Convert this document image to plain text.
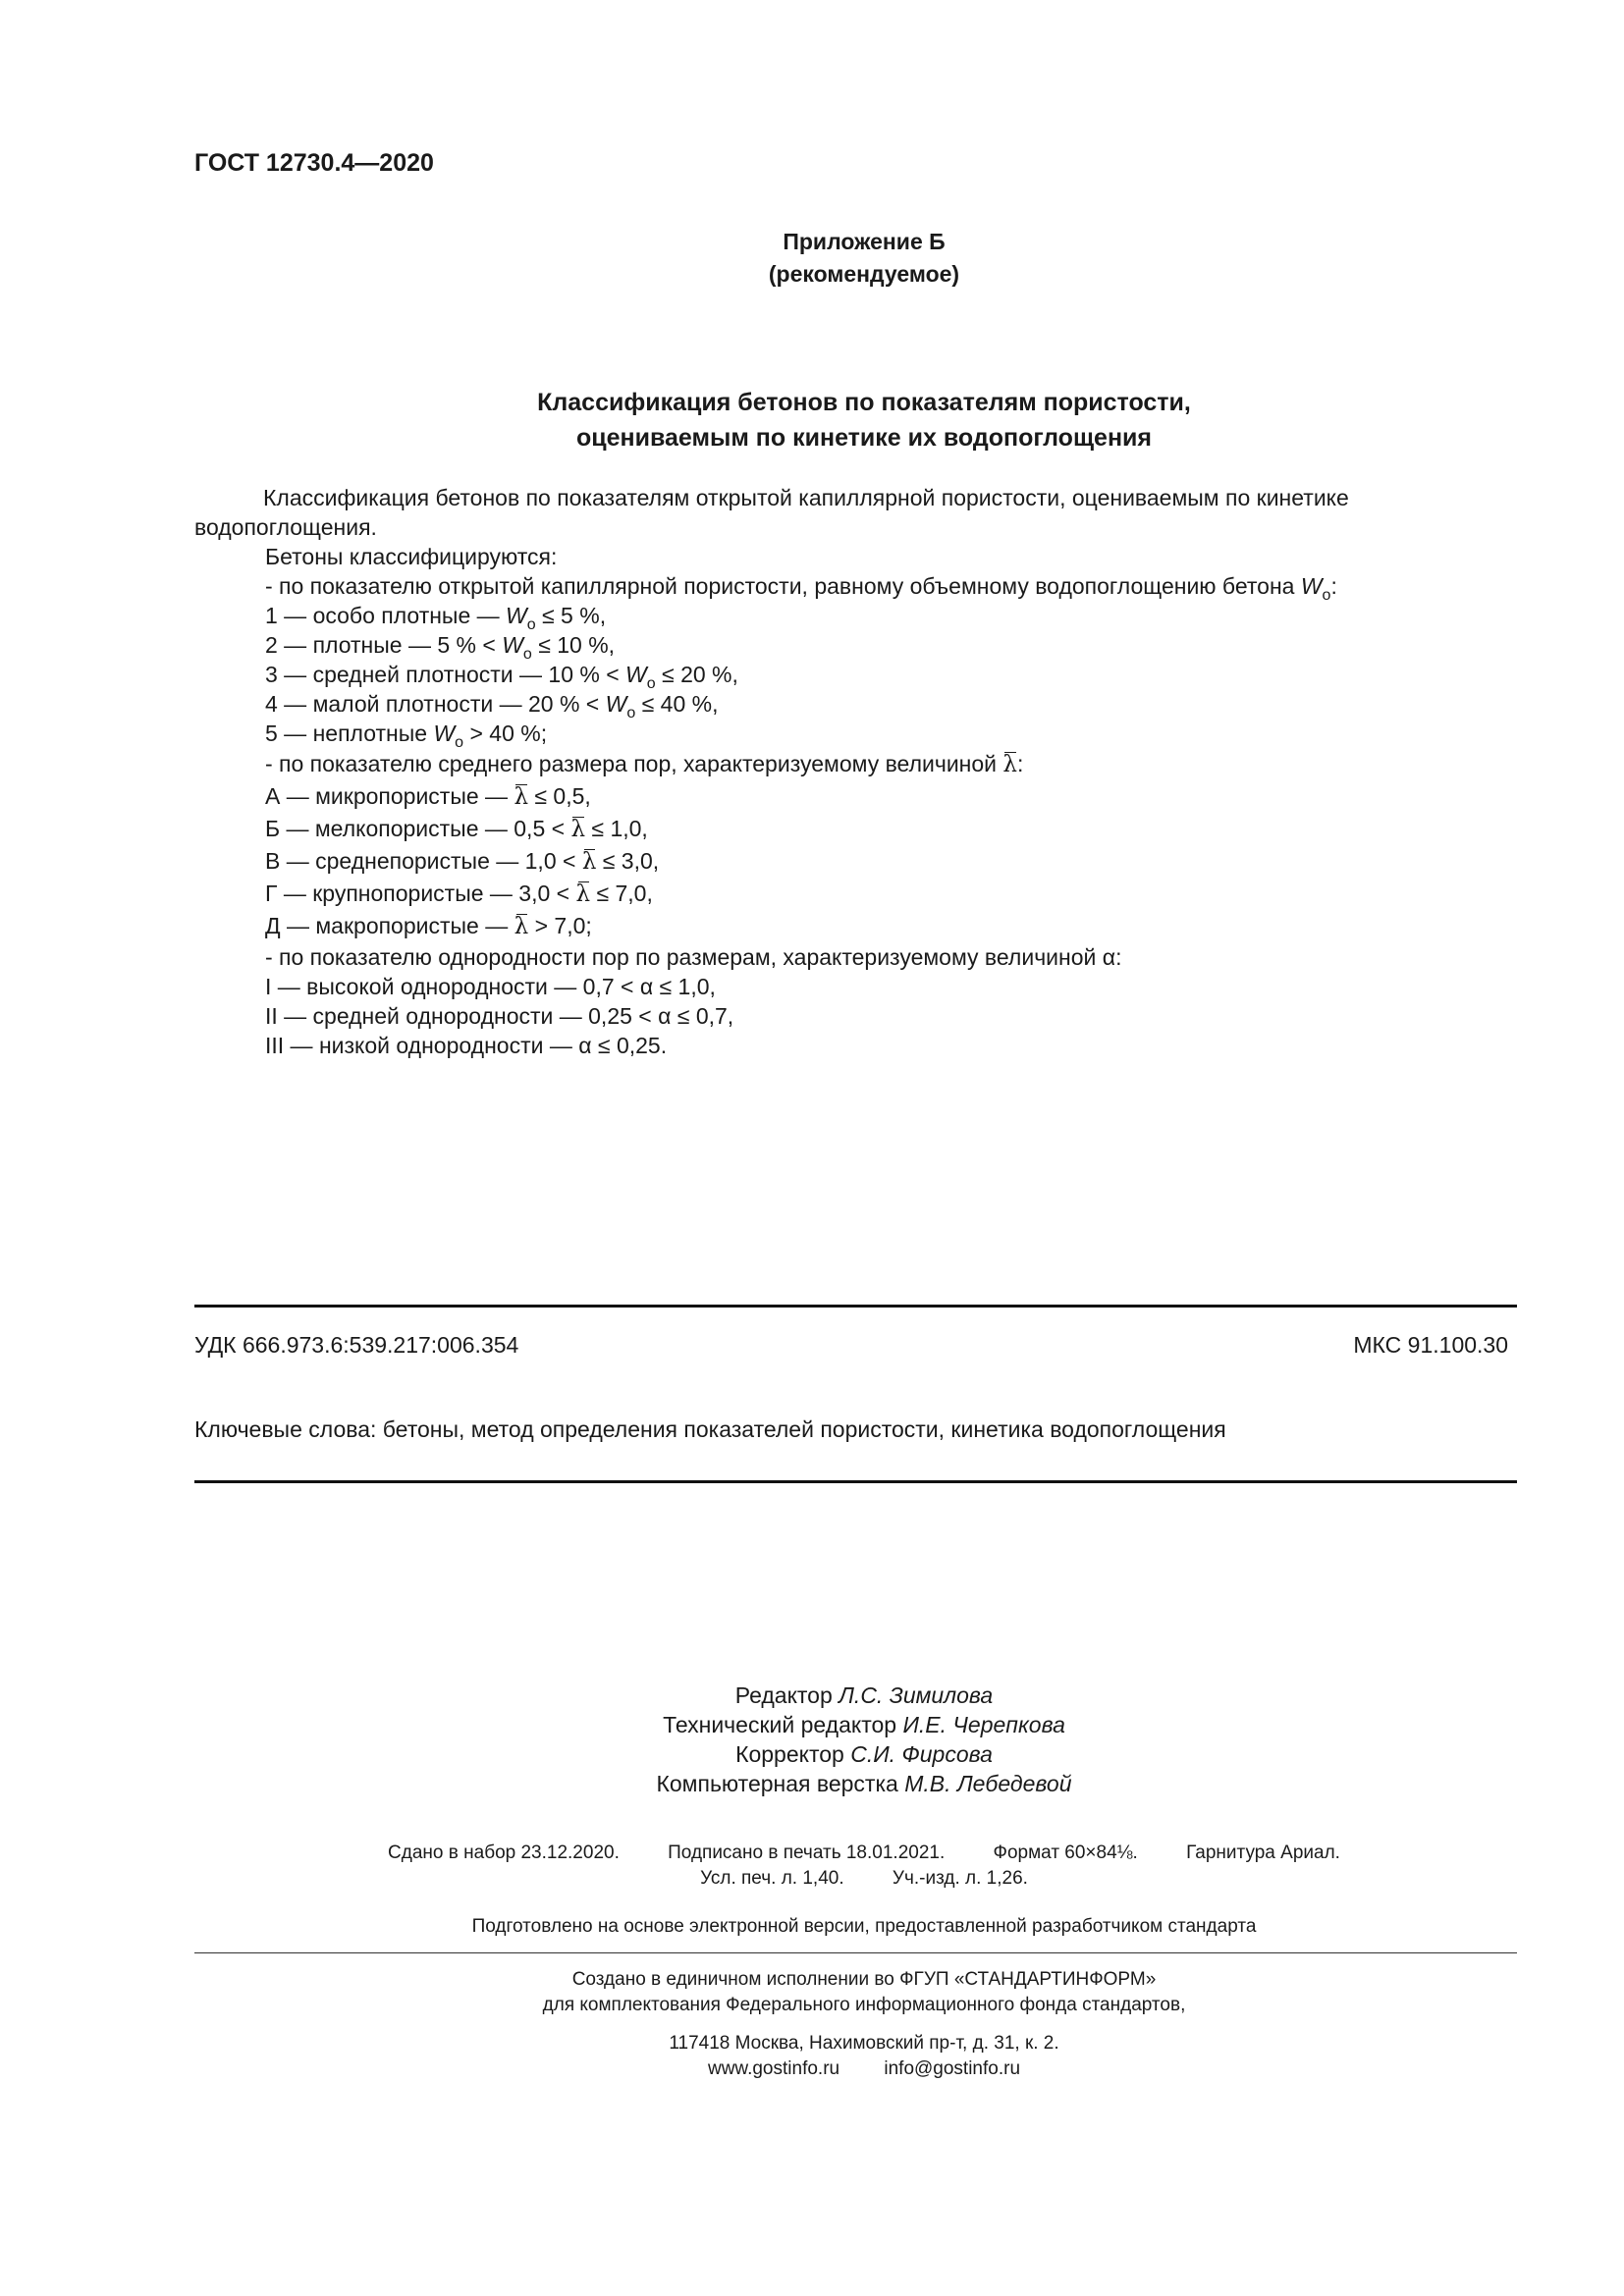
ГОСТ 12730.4—2020
Приложение Б
(рекомендуемое)
Классификация бетонов по показателям пористости,
оцениваемым по кинетике их водопоглощения
Классификация бетонов по показателям открытой капиллярной пористости, оцениваемым по кинетике водопоглощения.
Бетоны классифицируются:
- по показателю открытой капиллярной пористости, равному объемному водопоглощению бетона $W_о$:
1 — особо плотные — $W_о \le 5$ %,
2 — плотные — 5 % < $W_о \le 10$ %,
3 — средней плотности — 10 % < $W_о \le 20$ %,
4 — малой плотности — 20 % < $W_о \le 40$ %,
5 — неплотные $W_о > 40$ %;
- по показателю среднего размера пор, характеризуемому величиной λ:
А — микропористые — λ ≤ 0,5,
Б — мелкопористые — 0,5 < λ ≤ 1,0,
В — среднепористые — 1,0 < λ ≤ 3,0,
Г — крупнопористые — 3,0 < λ ≤ 7,0,
Д — макропористые — λ > 7,0;
- по показателю однородности пор по размерам, характеризуемому величиной α:
I — высокой однородности — 0,7 < α ≤ 1,0,
II — средней однородности — 0,25 < α ≤ 0,7,
III — низкой однородности — α ≤ 0,25.
УДК 666.973.6:539.217:006.354	МКС 91.100.30
Ключевые слова: бетоны, метод определения показателей пористости, кинетика водопоглощения
Редактор Л.С. Зимилова
Технический редактор И.Е. Черепкова
Корректор С.И. Фирсова
Компьютерная верстка М.В. Лебедевой
Сдано в набор 23.12.2020.	Подписано в печать 18.01.2021.	Формат 60×84⅛.	Гарнитура Ариал.
Усл. печ. л. 1,40.	Уч.-изд. л. 1,26.
Подготовлено на основе электронной версии, предоставленной разработчиком стандарта
Создано в единичном исполнении во ФГУП «СТАНДАРТИНФОРМ»
для комплектования Федерального информационного фонда стандартов,
117418 Москва, Нахимовский пр-т, д. 31, к. 2.
www.gostinfo.ru info@gostinfo.ru
